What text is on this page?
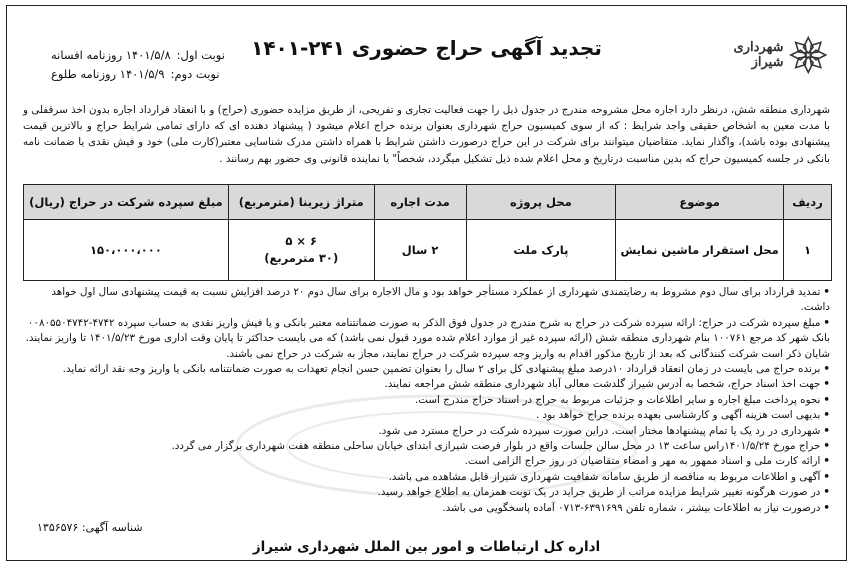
شهرداری شیراز
تجدید آگهی حراج حضوری ۲۴۱-۱۴۰۱
نوبت اول:
۱۴۰۱/۵/۸ روزنامه افسانه
نوبت دوم:
۱۴۰۱/۵/۹ روزنامه طلوع
شهرداری منطقه شش، درنظر دارد اجاره محل مشروحه مندرج در جدول ذیل را جهت فعالیت تجاری و تفریحی، از طریق مزایده حضوری (حراج) و با انعقاد قرارداد اجاره بدون اخذ سرقفلی و با مدت معین به اشخاص حقیقی واجد شرایط : که از سوی کمیسیون حراج شهرداری بعنوان برنده حراج اعلام میشود ( پیشنهاد دهنده ای که دارای تمامی شرایط حراج و بالاترین قیمت پیشنهادی بوده باشد)، واگذار نماید. متقاضیان میتوانند برای شرکت در این حراج درصورت داشتن شرایط با همراه داشتن مدرک شناسایی معتبر(کارت ملی) خود و فیش نقدی یا ضمانت نامه بانکی در جلسه کمیسیون حراج که بدین مناسبت درتاریخ و محل اعلام شده ذیل تشکیل میگردد، شخصاً" یا نماینده قانونی وی حضور بهم رسانند .
ردیف	موضوع	محل پروژه	مدت اجاره	متراژ زیربنا (مترمربع)	مبلغ سپرده شرکت در حراج (ریال)
۱	محل استقرار ماشین نمایش	پارک ملت	۲ سال	۶ × ۵
(۳۰ مترمربع)	۱۵۰،۰۰۰،۰۰۰

•تمدید قرارداد برای سال دوم مشروط به رضایتمندی شهرداری از عملکرد مستأجر خواهد بود و مال الاجاره برای سال دوم ۲۰ درصد افزایش نسبت به قیمت پیشنهادی سال اول خواهد داشت.

•مبلغ سپرده شرکت در حراج: ارائه سپرده شرکت در حراج به شرح مندرج در جدول فوق الذکر به صورت ضمانتنامه معتبر بانکی و یا فیش واریز نقدی به حساب سپرده ۴۷۴۲-۰۰۸۰۵۵۰۴۷۴۲ بانک شهر کد مرجع ۱۰۰۷۶۱ بنام شهرداری منطقه شش (ارائه سپرده غیر از موارد اعلام شده مورد قبول نمی باشد) که می بایست حداکثر تا پایان وقت اداری مورخ ۱۴۰۱/۵/۲۳ تا واریز نمایند. شایان ذکر است شرکت کنندگانی که بعد از تاریخ مذکور اقدام به واریز وجه سپرده شرکت در حراج نمایند، مجاز به شرکت در حراج نمی باشند.

•برنده حراج می بایست در زمان انعقاد قرارداد ۱۰درصد مبلغ پیشنهادی کل برای ۲ سال را بعنوان تضمین حسن انجام تعهدات به صورت ضمانتنامه بانکی یا واریز وجه نقد ارائه نماید.

•جهت اخذ اسناد حراج، شخصا به آدرس شیراز گلدشت معالی آباد شهرداری منطقه شش مراجعه نمایند.

•نحوه پرداخت مبلغ اجاره و سایر اطلاعات و جزئیات مربوط به حراج در اسناد حراج مندرج است.

•بدیهی است هزینه آگهی و کارشناسی بعهده برنده حراج خواهد بود .

•شهرداری در رد یک یا تمام پیشنهادها مختار است. دراین صورت سپرده شرکت در حراج مسترد می شود.

•حراج مورخ ۱۴۰۱/۵/۲۴راس ساعت ۱۳ در محل سالن جلسات واقع در بلوار فرصت شیرازی ابتدای خیابان ساحلی منطقه هفت شهرداری برگزار می گردد.

•ارائه کارت ملی و اسناد ممهور به مهر و امضاء متقاضیان در روز حراج الزامی است.

•آگهی و اطلاعات مربوط به مناقصه از طریق سامانه شفافیت شهرداری شیراز قابل مشاهده می باشد.

•در صورت هرگونه تغییر شرایط مزایده مراتب از طریق جراید در یک نوبت همزمان به اطلاع خواهد رسید.

•درصورت نیاز به اطلاعات بیشتر ، شماره تلفن ۶۳۹۱۶۹۹-۰۷۱۳ آماده پاسخگویی می باشد.

شناسه آگهی: ۱۳۵۶۵۷۶
اداره کل ارتباطات و امور بین الملل شهرداری شیراز
